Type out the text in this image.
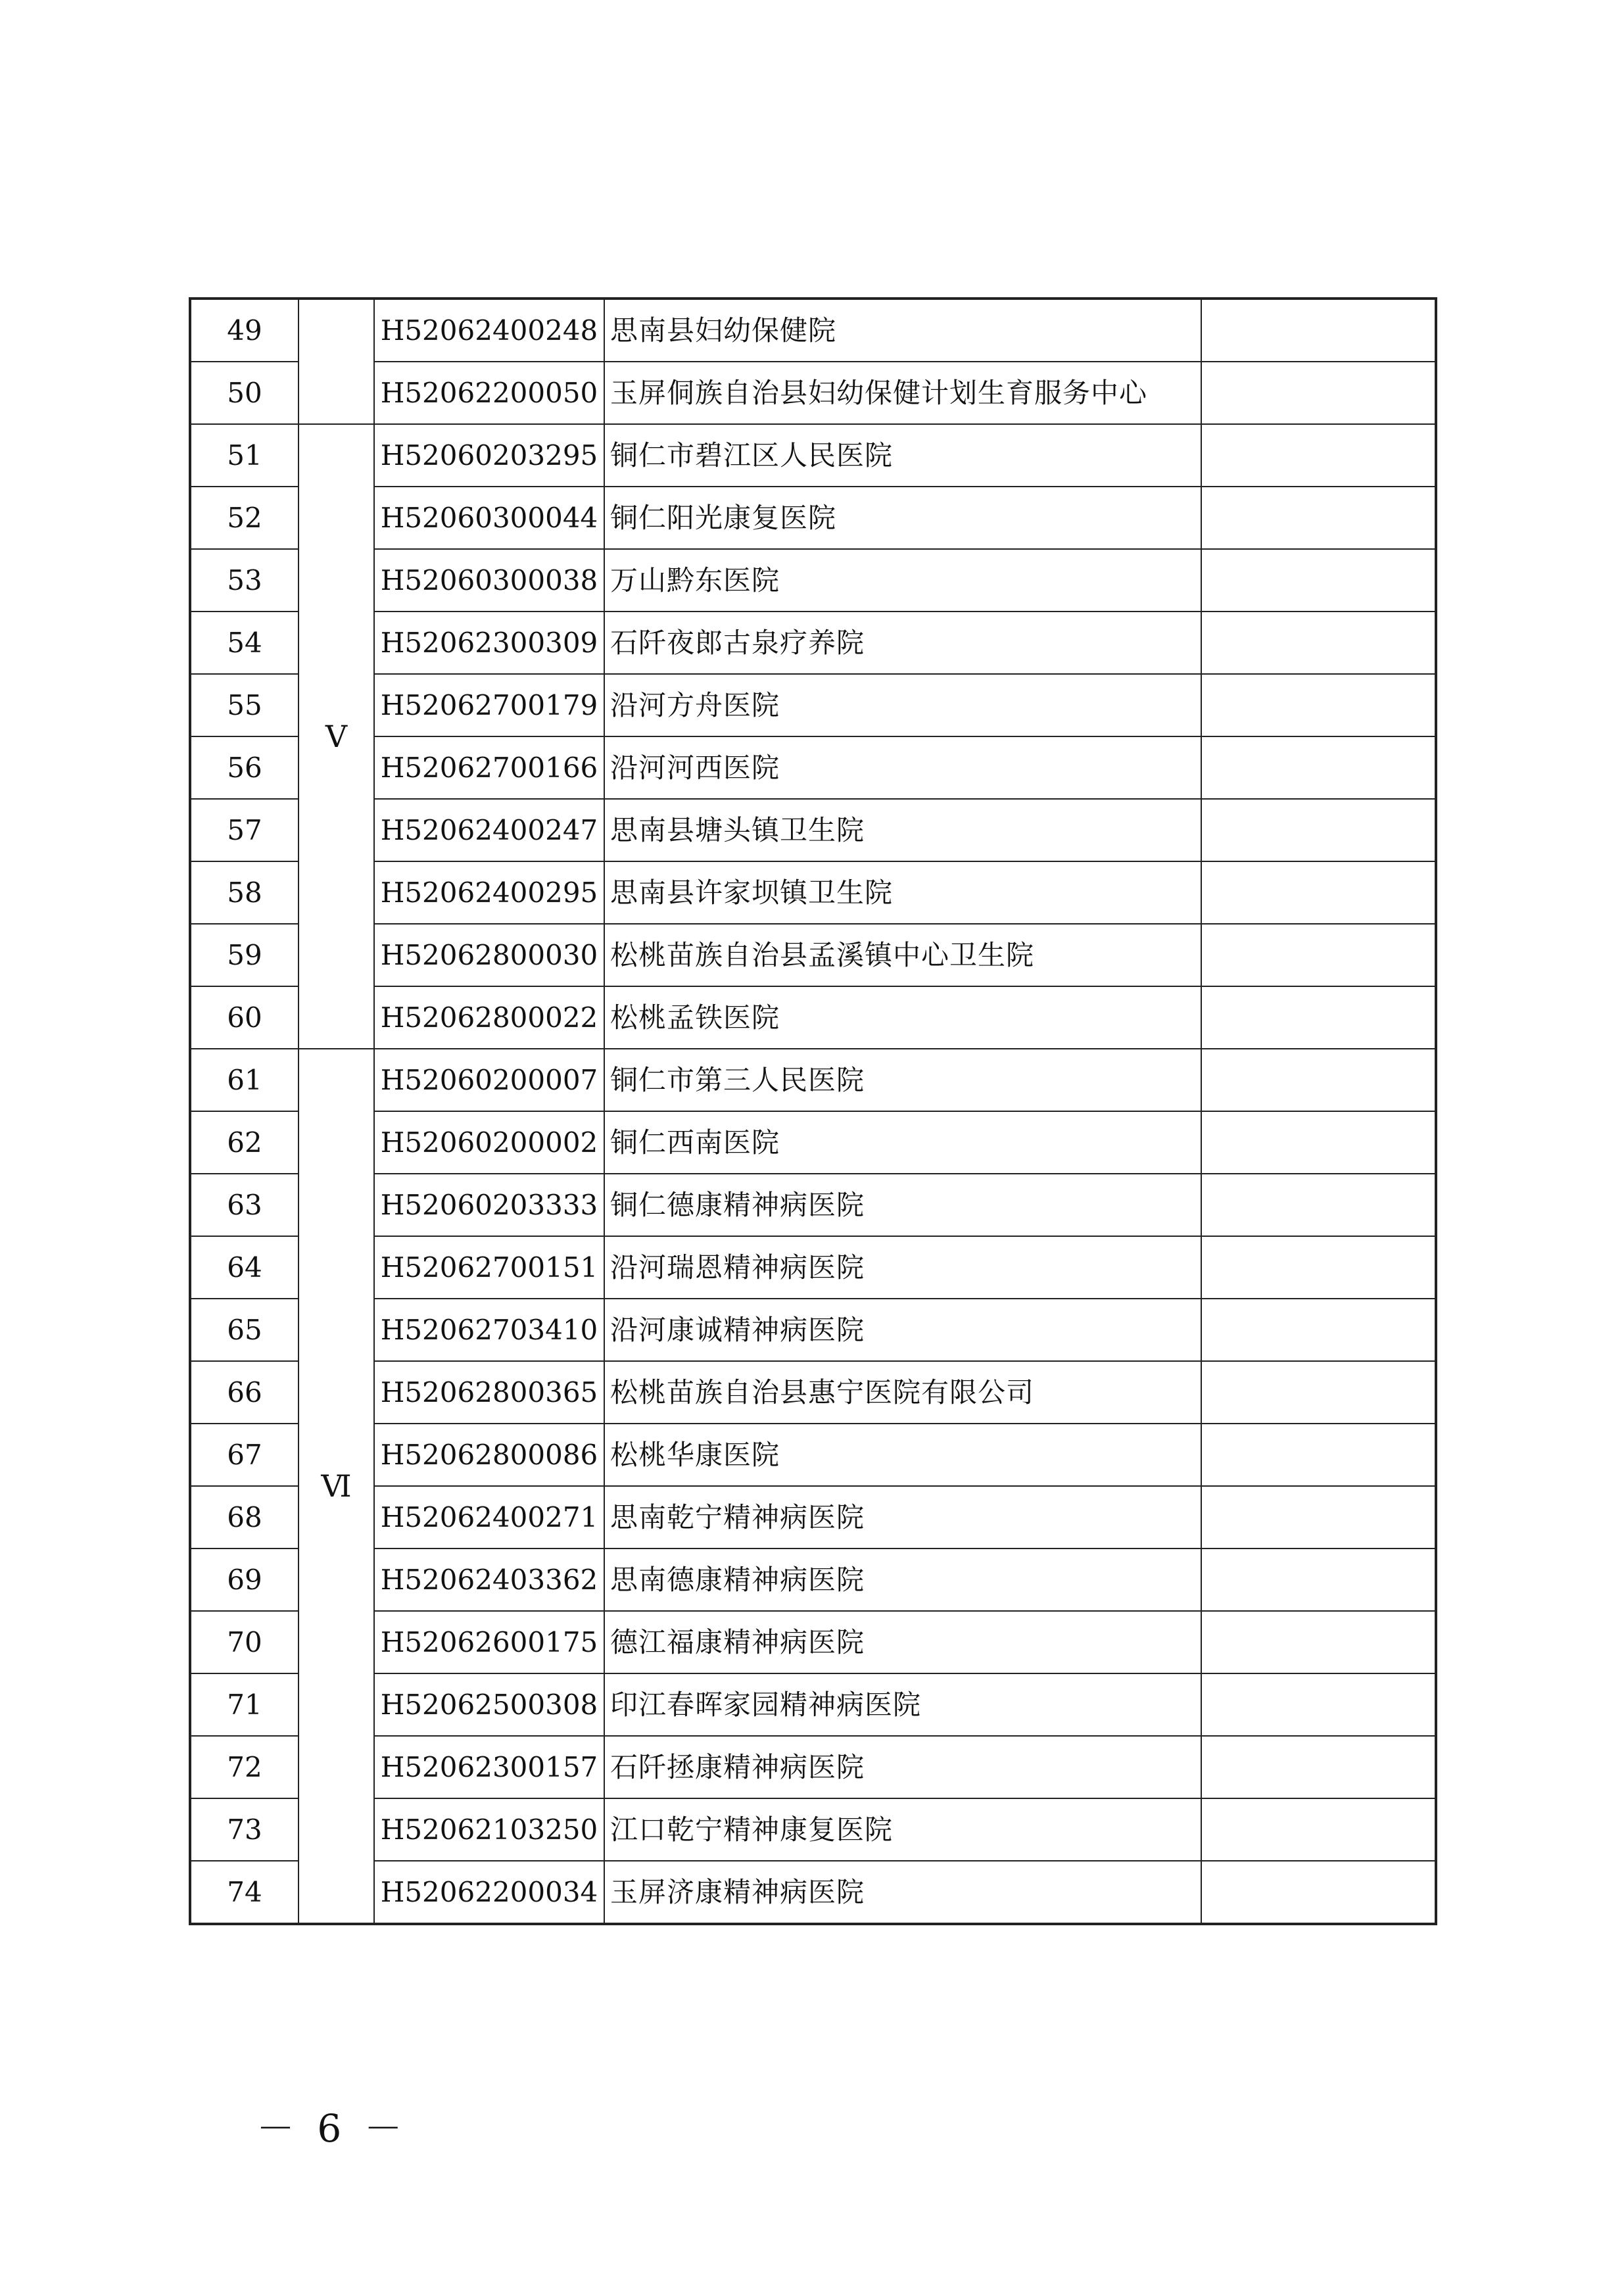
49		H52062400248	思南县妇幼保健院	
50		H52062200050	玉屏侗族自治县妇幼保健计划生育服务中心	
51	V	H52060203295	铜仁市碧江区人民医院	
52		H52060300044	铜仁阳光康复医院	
53		H52060300038	万山黔东医院	
54		H52062300309	石阡夜郎古泉疗养院	
55		H52062700179	沿河方舟医院	
56		H52062700166	沿河河西医院	
57		H52062400247	思南县塘头镇卫生院	
58		H52062400295	思南县许家坝镇卫生院	
59		H52062800030	松桃苗族自治县孟溪镇中心卫生院	
60		H52062800022	松桃孟铁医院	
61	Ⅵ	H52060200007	铜仁市第三人民医院	
62		H52060200002	铜仁西南医院	
63		H52060203333	铜仁德康精神病医院	
64		H52062700151	沿河瑞恩精神病医院	
65		H52062703410	沿河康诚精神病医院	
66		H52062800365	松桃苗族自治县惠宁医院有限公司	
67		H52062800086	松桃华康医院	
68		H52062400271	思南乾宁精神病医院	
69		H52062403362	思南德康精神病医院	
70		H52062600175	德江福康精神病医院	
71		H52062500308	印江春晖家园精神病医院	
72		H52062300157	石阡拯康精神病医院	
73		H52062103250	江口乾宁精神康复医院	
74		H52062200034	玉屏济康精神病医院	
－ 6 －
